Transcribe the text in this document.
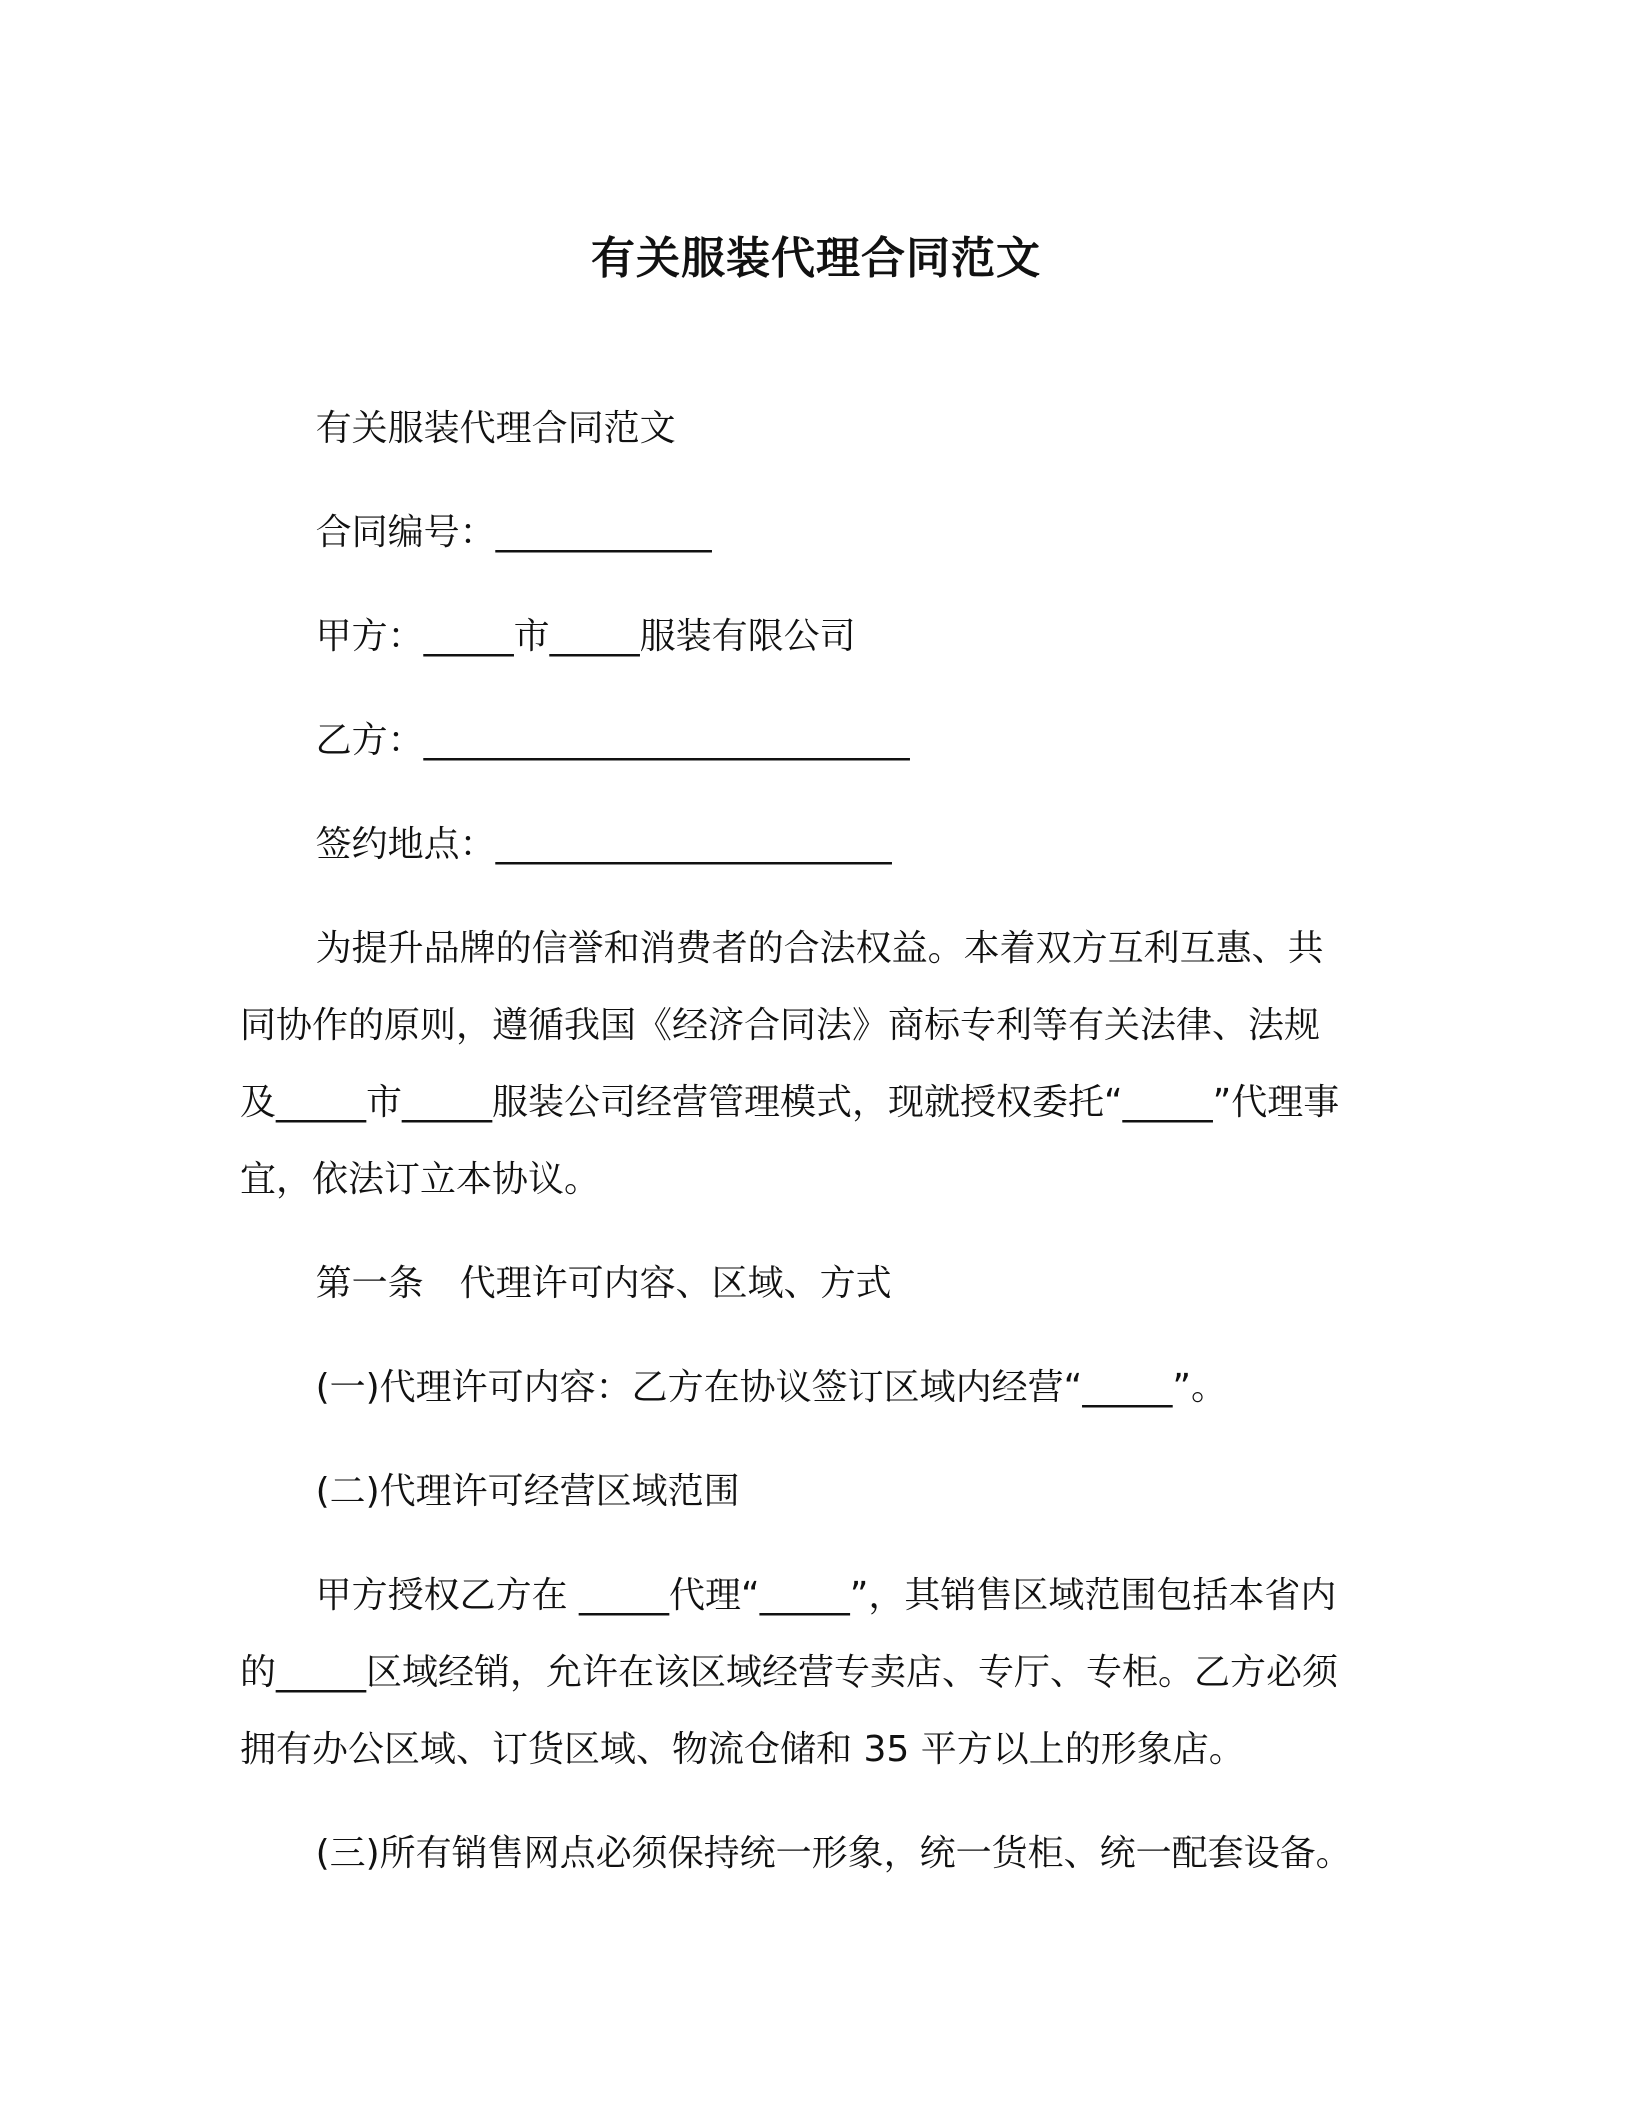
有关服装代理合同范文

有关服装代理合同范文

合同编号：____________

甲方：_____市_____服装有限公司

乙方：___________________________

签约地点：______________________

为提升品牌的信誉和消费者的合法权益。本着双方互利互惠、共同协作的原则，遵循我国《经济合同法》商标专利等有关法律、法规及_____市_____服装公司经营管理模式，现就授权委托“_____”代理事宜，依法订立本协议。

第一条　代理许可内容、区域、方式

(一)代理许可内容：乙方在协议签订区域内经营“_____”。

(二)代理许可经营区域范围

甲方授权乙方在 _____代理“_____”，其销售区域范围包括本省内的_____区域经销，允许在该区域经营专卖店、专厅、专柜。乙方必须拥有办公区域、订货区域、物流仓储和 35 平方以上的形象店。

(三)所有销售网点必须保持统一形象，统一货柜、统一配套设备。
